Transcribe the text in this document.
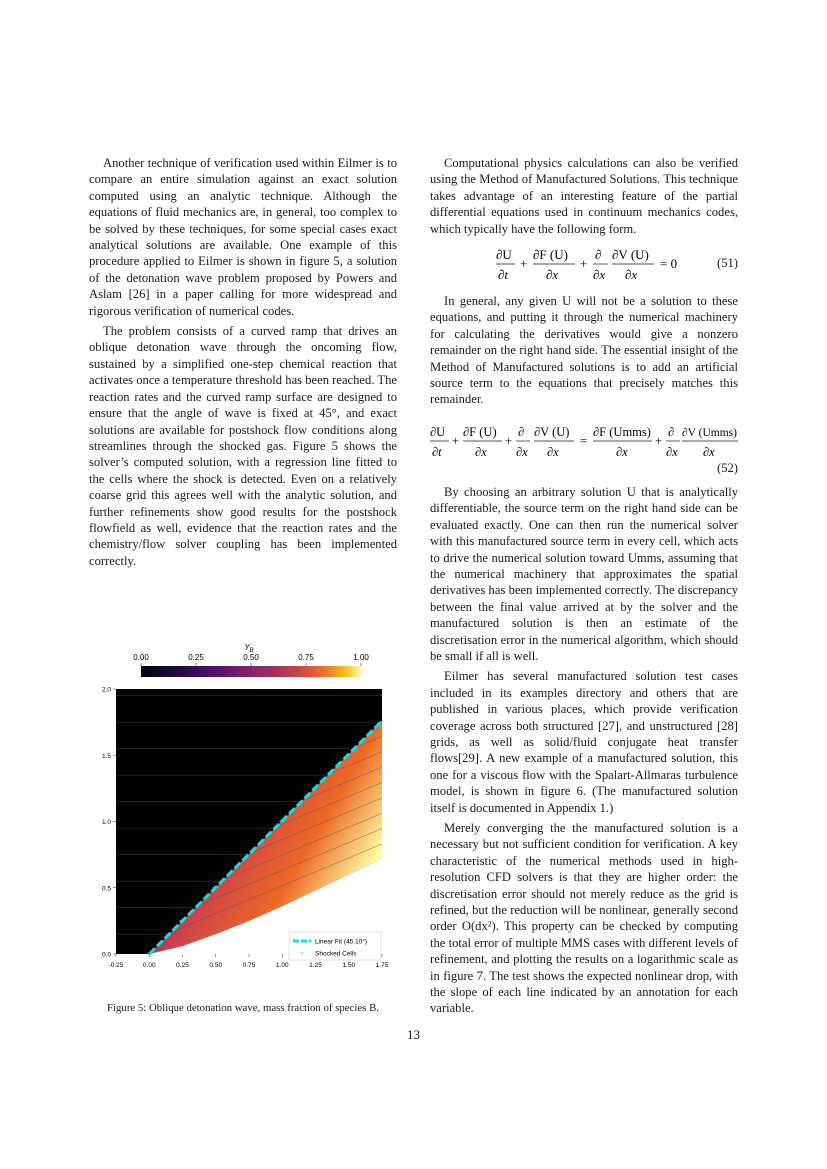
Another technique of verification used within Eilmer is to compare an entire simulation against an exact solution computed using an analytic technique. Although the equations of fluid mechanics are, in general, too complex to be solved by these techniques, for some special cases exact analytical solutions are available. One example of this procedure applied to Eilmer is shown in figure 5, a solution of the detonation wave problem proposed by Powers and Aslam [26] in a paper calling for more widespread and rigorous verification of numerical codes.

The problem consists of a curved ramp that drives an oblique detonation wave through the oncoming flow, sustained by a simplified one-step chemical reaction that activates once a temperature threshold has been reached. The reaction rates and the curved ramp surface are designed to ensure that the angle of wave is fixed at 45°, and exact solutions are available for postshock flow conditions along streamlines through the shocked gas. Figure 5 shows the solver’s computed solution, with a regression line fitted to the cells where the shock is detected. Even on a relatively coarse grid this agrees well with the analytic solution, and further refinements show good results for the postshock flowfield as well, evidence that the reaction rates and the chemistry/flow solver coupling has been implemented correctly.

$Y_B$
0.00	0.25	0.50	0.75	1.00
-0.25	0.00	0.25	0.50	0.75	1.00	1.25	1.50	1.75
0.0
0.5
1.0
1.5
2.0
Linear Fit (45.10°)
Shocked Cells
Figure 5: Oblique detonation wave, mass fraction of species B.

Computational physics calculations can also be verified using the Method of Manufactured Solutions. This technique takes advantage of an interesting feature of the partial differential equations used in continuum mechanics codes, which typically have the following form.

∂U
∂t
+
∂F (U)
∂x
+
∂
∂x
∂V (U)
∂x
= 0	(51)

In general, any given U will not be a solution to these equations, and putting it through the numerical machinery for calculating the derivatives would give a nonzero remainder on the right hand side. The essential insight of the Method of Manufactured solutions is to add an artificial source term to the equations that precisely matches this remainder.

∂U
∂t
+
∂F (U)
∂x
+
∂
∂x
∂V (U)
∂x
=
∂F (Umms)
∂x
+
∂
∂x
∂V (Umms)
∂x
(52)

By choosing an arbitrary solution U that is analytically differentiable, the source term on the right hand side can be evaluated exactly. One can then run the numerical solver with this manufactured source term in every cell, which acts to drive the numerical solution toward Umms, assuming that the numerical machinery that approximates the spatial derivatives has been implemented correctly. The discrepancy between the final value arrived at by the solver and the manufactured solution is then an estimate of the discretisation error in the numerical algorithm, which should be small if all is well.

Eilmer has several manufactured solution test cases included in its examples directory and others that are published in various places, which provide verification coverage across both structured [27], and unstructured [28] grids, as well as solid/fluid conjugate heat transfer flows[29]. A new example of a manufactured solution, this one for a viscous flow with the Spalart-Allmaras turbulence model, is shown in figure 6. (The manufactured solution itself is documented in Appendix 1.)

Merely converging the the manufactured solution is a necessary but not sufficient condition for verification. A key characteristic of the numerical methods used in high-resolution CFD solvers is that they are higher order: the discretisation error should not merely reduce as the grid is refined, but the reduction will be nonlinear, generally second order O(dx²). This property can be checked by computing the total error of multiple MMS cases with different levels of refinement, and plotting the results on a logarithmic scale as in figure 7. The test shows the expected nonlinear drop, with the slope of each line indicated by an annotation for each variable.

13
